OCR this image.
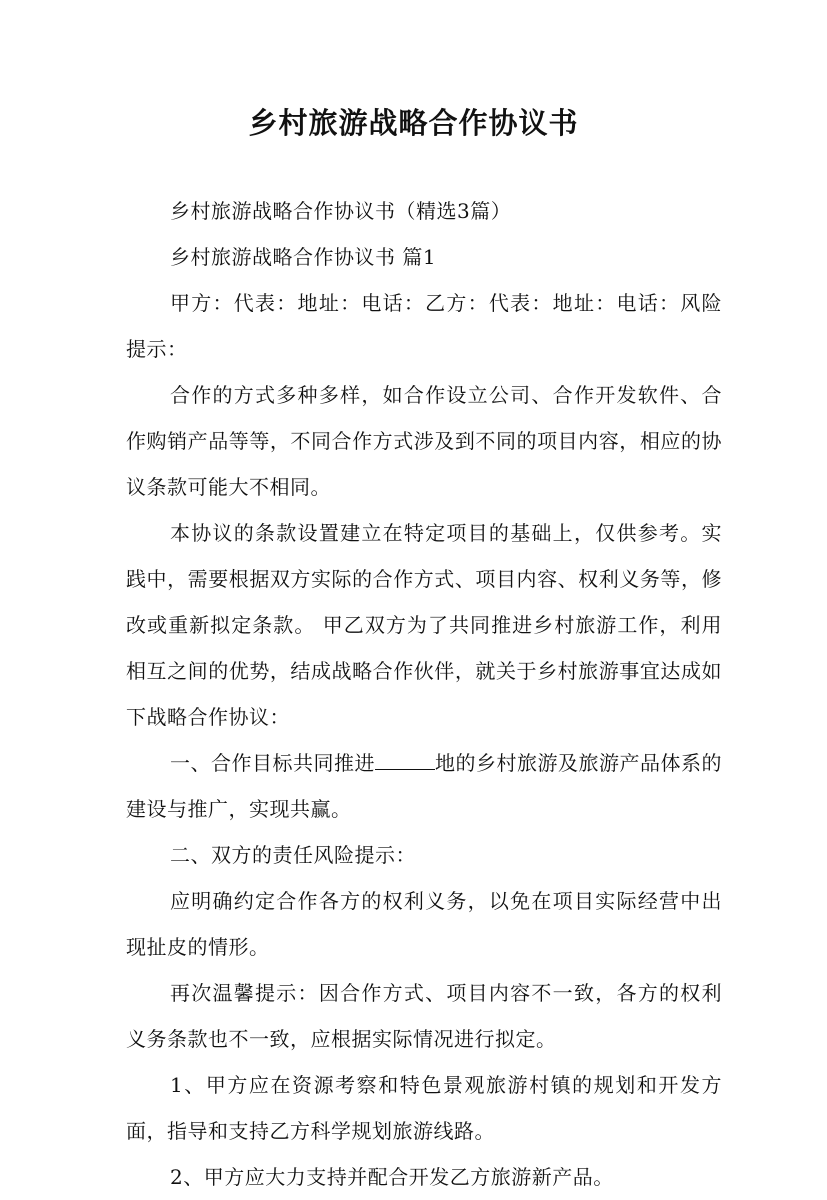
乡村旅游战略合作协议书

乡村旅游战略合作协议书（精选3篇）

乡村旅游战略合作协议书 篇1

甲方：代表：地址：电话：乙方：代表：地址：电话：风险提示：

合作的方式多种多样，如合作设立公司、合作开发软件、合作购销产品等等，不同合作方式涉及到不同的项目内容，相应的协议条款可能大不相同。

本协议的条款设置建立在特定项目的基础上，仅供参考。实践中，需要根据双方实际的合作方式、项目内容、权利义务等，修改或重新拟定条款。 甲乙双方为了共同推进乡村旅游工作，利用相互之间的优势，结成战略合作伙伴，就关于乡村旅游事宜达成如下战略合作协议：

一、合作目标共同推进	地的乡村旅游及旅游产品体系的建设与推广，实现共赢。

二、双方的责任风险提示：

应明确约定合作各方的权利义务，以免在项目实际经营中出现扯皮的情形。

再次温馨提示：因合作方式、项目内容不一致，各方的权利义务条款也不一致，应根据实际情况进行拟定。

1、甲方应在资源考察和特色景观旅游村镇的规划和开发方面，指导和支持乙方科学规划旅游线路。

2、甲方应大力支持并配合开发乙方旅游新产品。
